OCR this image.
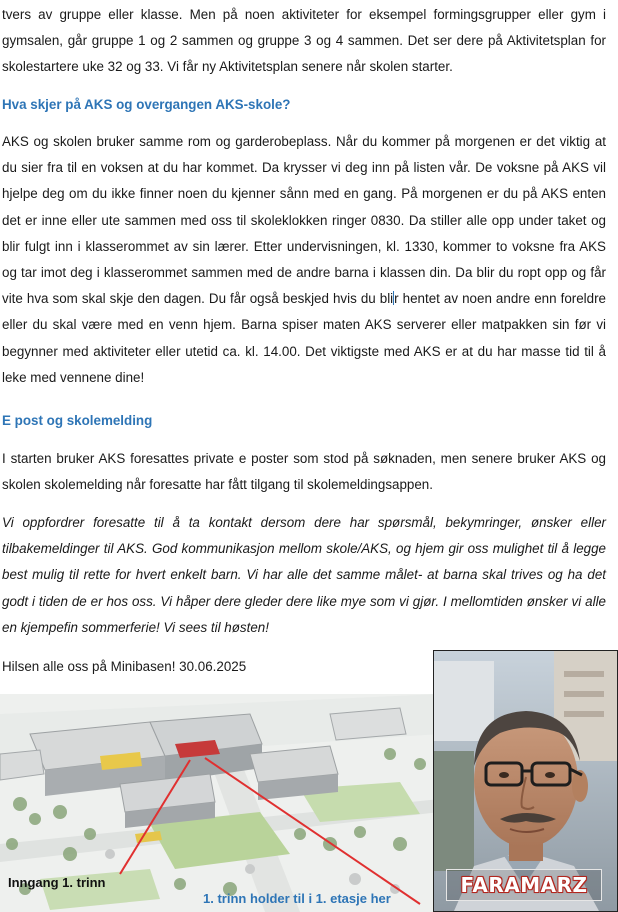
tvers av gruppe eller klasse. Men på noen aktiviteter for eksempel formingsgrupper eller gym i gymsalen, går gruppe 1 og 2 sammen og gruppe 3 og 4 sammen. Det ser dere på Aktivitetsplan for skolestartere uke 32 og 33. Vi får ny Aktivitetsplan senere når skolen starter.

Hva skjer på AKS og overgangen AKS-skole?

AKS og skolen bruker samme rom og garderobeplass. Når du kommer på morgenen er det viktig at du sier fra til en voksen at du har kommet. Da krysser vi deg inn på listen vår. De voksne på AKS vil hjelpe deg om du ikke finner noen du kjenner sånn med en gang. På morgenen er du på AKS enten det er inne eller ute sammen med oss til skoleklokken ringer 0830. Da stiller alle opp under taket og blir fulgt inn i klasserommet av sin lærer. Etter undervisningen, kl. 1330, kommer to voksne fra AKS og tar imot deg i klasserommet sammen med de andre barna i klassen din. Da blir du ropt opp og får vite hva som skal skje den dagen. Du får også beskjed hvis du blir hentet av noen andre enn foreldre eller du skal være med en venn hjem. Barna spiser maten AKS serverer eller matpakken sin før vi begynner med aktiviteter eller utetid ca. kl. 14.00. Det viktigste med AKS er at du har masse tid til å leke med vennene dine!

E post og skolemelding

I starten bruker AKS foresattes private e poster som stod på søknaden, men senere bruker AKS og skolen skolemelding når foresatte har fått tilgang til skolemeldingsappen.

Vi oppfordrer foresatte til å ta kontakt dersom dere har spørsmål, bekymringer, ønsker eller tilbakemeldinger til AKS. God kommunikasjon mellom skole/AKS, og hjem gir oss mulighet til å legge best mulig til rette for hvert enkelt barn. Vi har alle det samme målet- at barna skal trives og ha det godt i tiden de er hos oss. Vi håper dere gleder dere like mye som vi gjør. I mellomtiden ønsker vi alle en kjempefin sommerferie! Vi sees til høsten!

Hilsen alle oss på Minibasen! 30.06.2025

Inngang 1. trinn
1. trinn holder til i 1. etasje her
FARAMARZ
